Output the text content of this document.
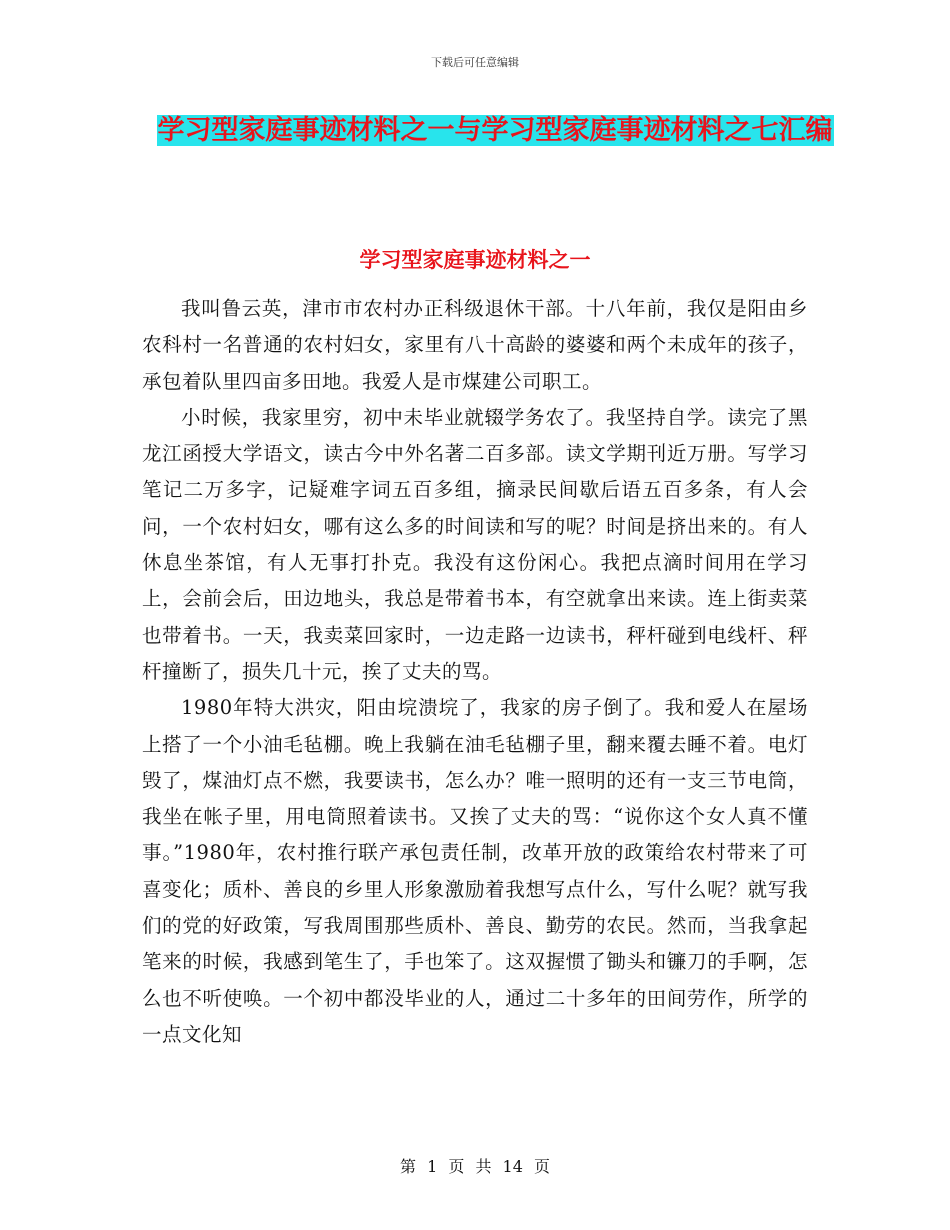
下载后可任意编辑
学习型家庭事迹材料之一与学习型家庭事迹材料之七汇编
学习型家庭事迹材料之一

我叫鲁云英，津市市农村办正科级退休干部。十八年前，我仅是阳由乡农科村一名普通的农村妇女，家里有八十高龄的婆婆和两个未成年的孩子，承包着队里四亩多田地。我爱人是市煤建公司职工。

小时候，我家里穷，初中未毕业就辍学务农了。我坚持自学。读完了黑龙江函授大学语文，读古今中外名著二百多部。读文学期刊近万册。写学习笔记二万多字，记疑难字词五百多组，摘录民间歇后语五百多条，有人会问，一个农村妇女，哪有这么多的时间读和写的呢？时间是挤出来的。有人休息坐茶馆，有人无事打扑克。我没有这份闲心。我把点滴时间用在学习上，会前会后，田边地头，我总是带着书本，有空就拿出来读。连上街卖菜也带着书。一天，我卖菜回家时，一边走路一边读书，秤杆碰到电线杆、秤杆撞断了，损失几十元，挨了丈夫的骂。

1980年特大洪灾，阳由垸溃垸了，我家的房子倒了。我和爱人在屋场上搭了一个小油毛毡棚。晚上我躺在油毛毡棚子里，翻来覆去睡不着。电灯毁了，煤油灯点不燃，我要读书，怎么办？唯一照明的还有一支三节电筒，我坐在帐子里，用电筒照着读书。又挨了丈夫的骂：“说你这个女人真不懂事。”1980年，农村推行联产承包责任制，改革开放的政策给农村带来了可喜变化；质朴、善良的乡里人形象激励着我想写点什么，写什么呢？就写我们的党的好政策，写我周围那些质朴、善良、勤劳的农民。然而，当我拿起笔来的时候，我感到笔生了，手也笨了。这双握惯了锄头和镰刀的手啊，怎么也不听使唤。一个初中都没毕业的人，通过二十多年的田间劳作，所学的一点文化知

第 1 页 共 14 页
